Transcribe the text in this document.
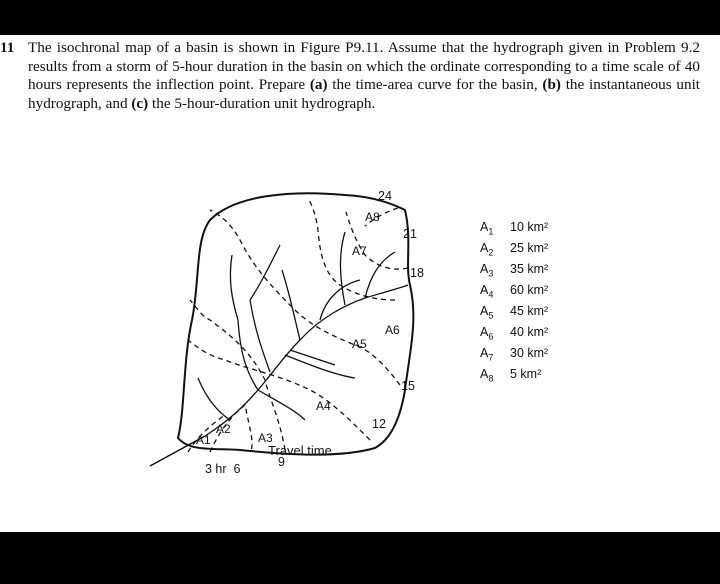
11 The isochronal map of a basin is shown in Figure P9.11. Assume that the hydrograph given in Problem 9.2 results from a storm of 5-hour duration in the basin on which the ordinate corresponding to a time scale of 40 hours represents the inflection point. Prepare (a) the time-area curve for the basin, (b) the instantaneous unit hydrograph, and (c) the 5-hour-duration unit hydrograph.
24
21
18
15
12
9
3 hr  6
A1
A2
A3
A4
A5
A6
A7
A8
Travel time
$A_1$ 10 km²
$A_2$ 25 km²
$A_3$ 35 km²
$A_4$ 60 km²
$A_5$ 45 km²
$A_6$ 40 km²
$A_7$ 30 km²
$A_8$ 5 km²
